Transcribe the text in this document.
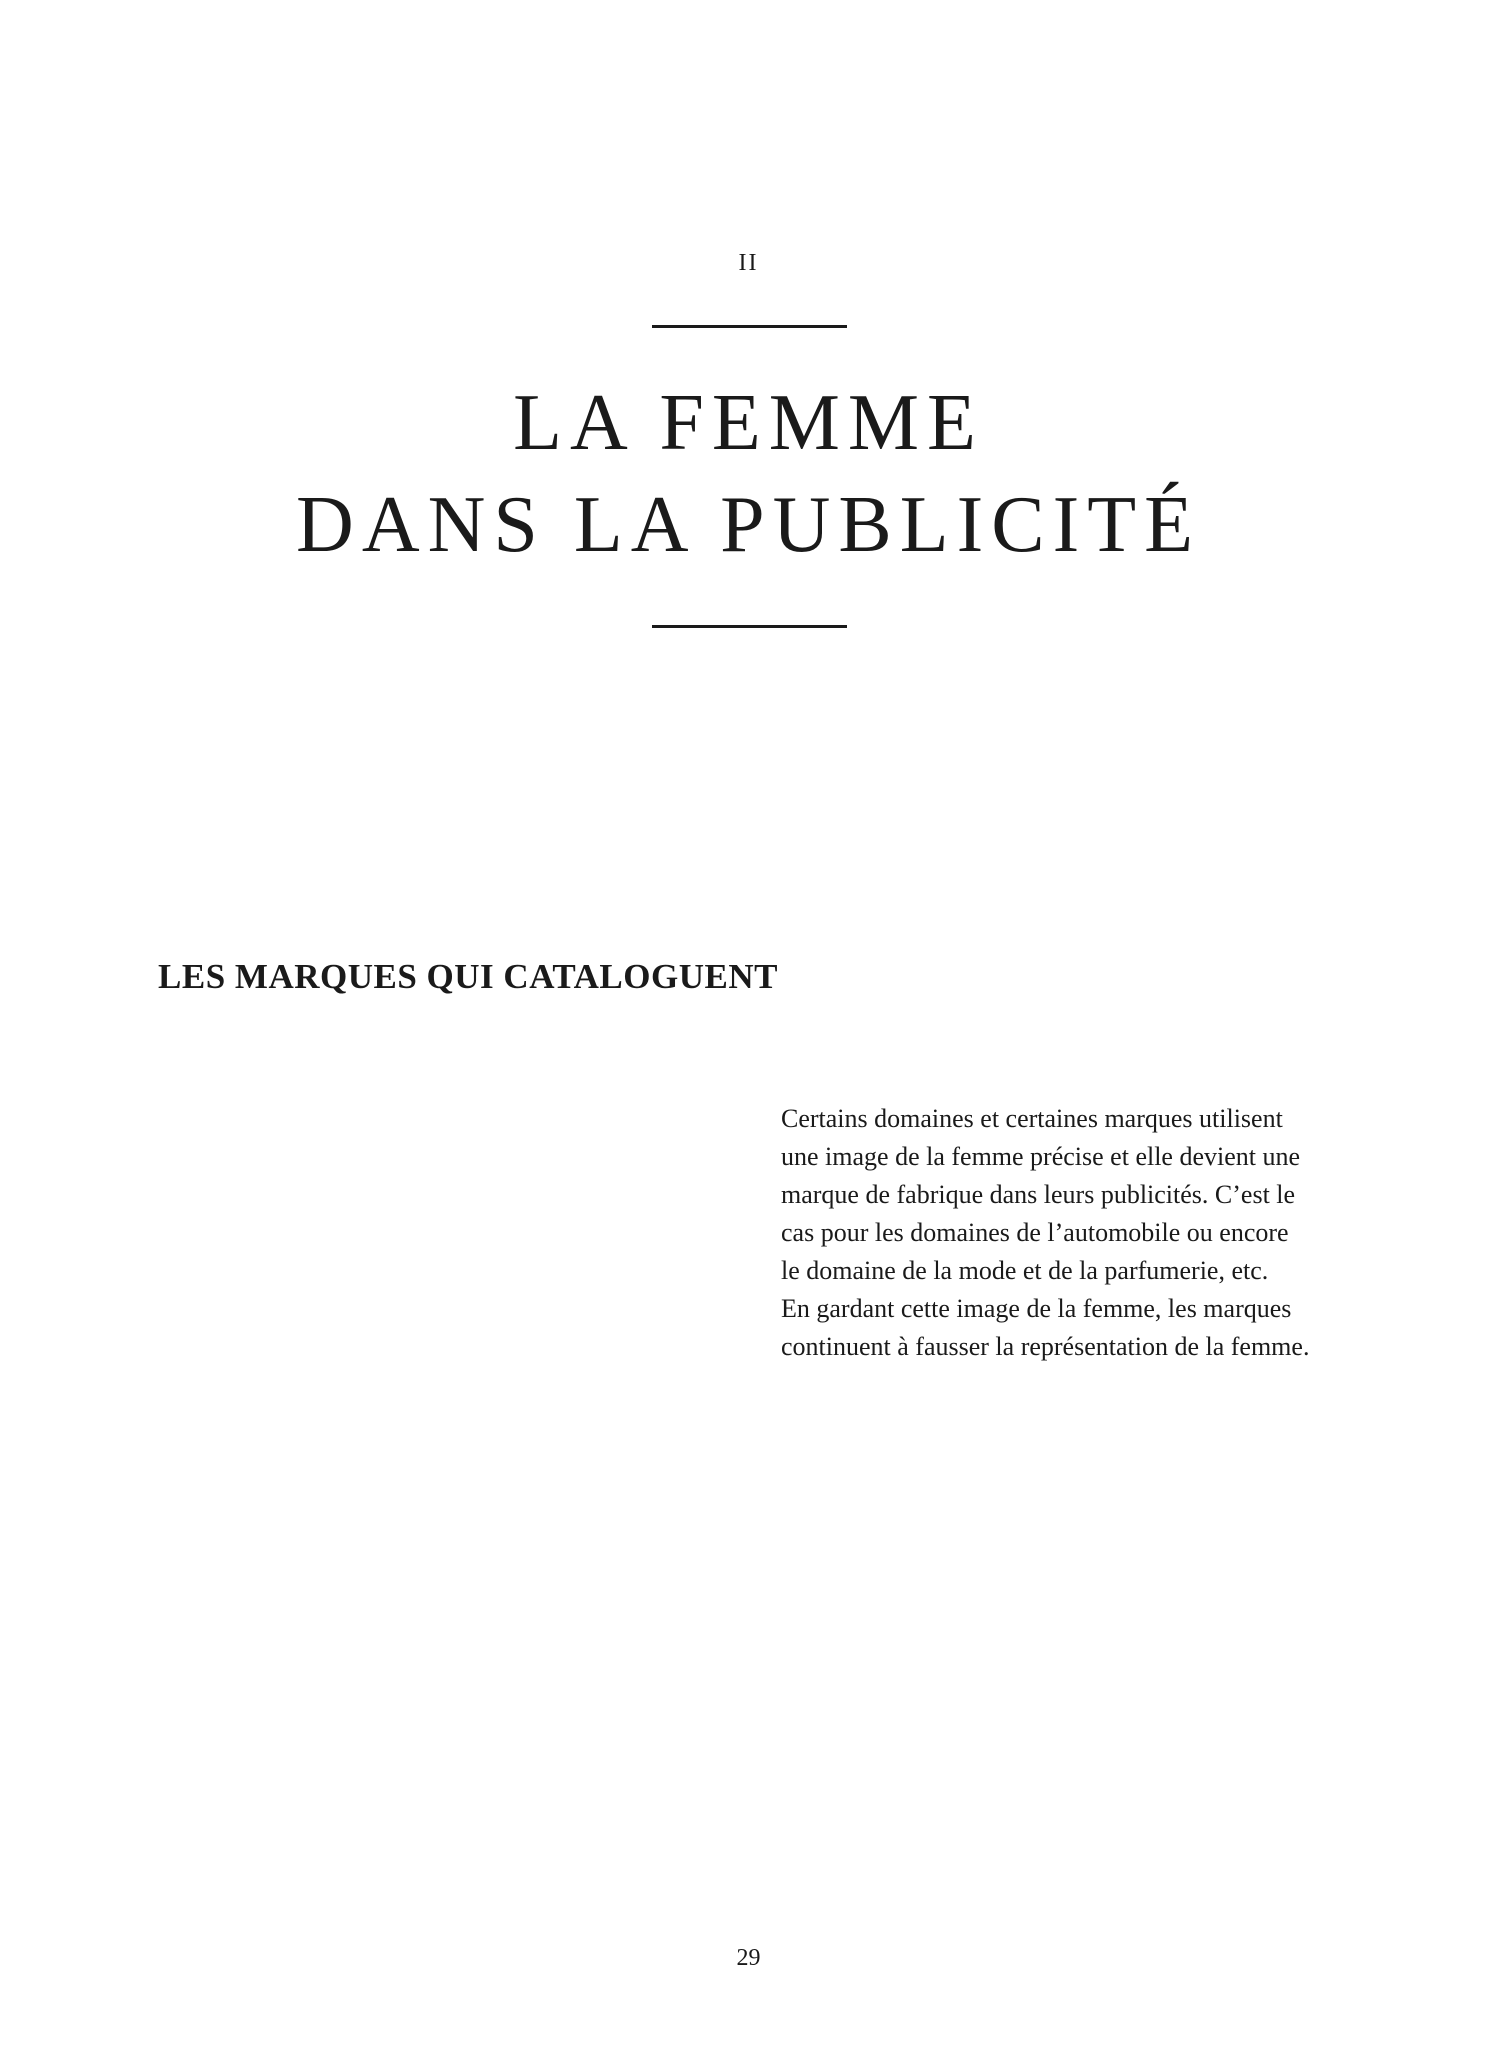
II
LA FEMME
DANS LA PUBLICITÉ
LES MARQUES QUI CATALOGUENT

Certains domaines et certaines marques utilisent
une image de la femme précise et elle devient une
marque de fabrique dans leurs publicités. C’est le
cas pour les domaines de l’automobile ou encore
le domaine de la mode et de la parfumerie, etc.
En gardant cette image de la femme, les marques
continuent à fausser la représentation de la femme.

29
